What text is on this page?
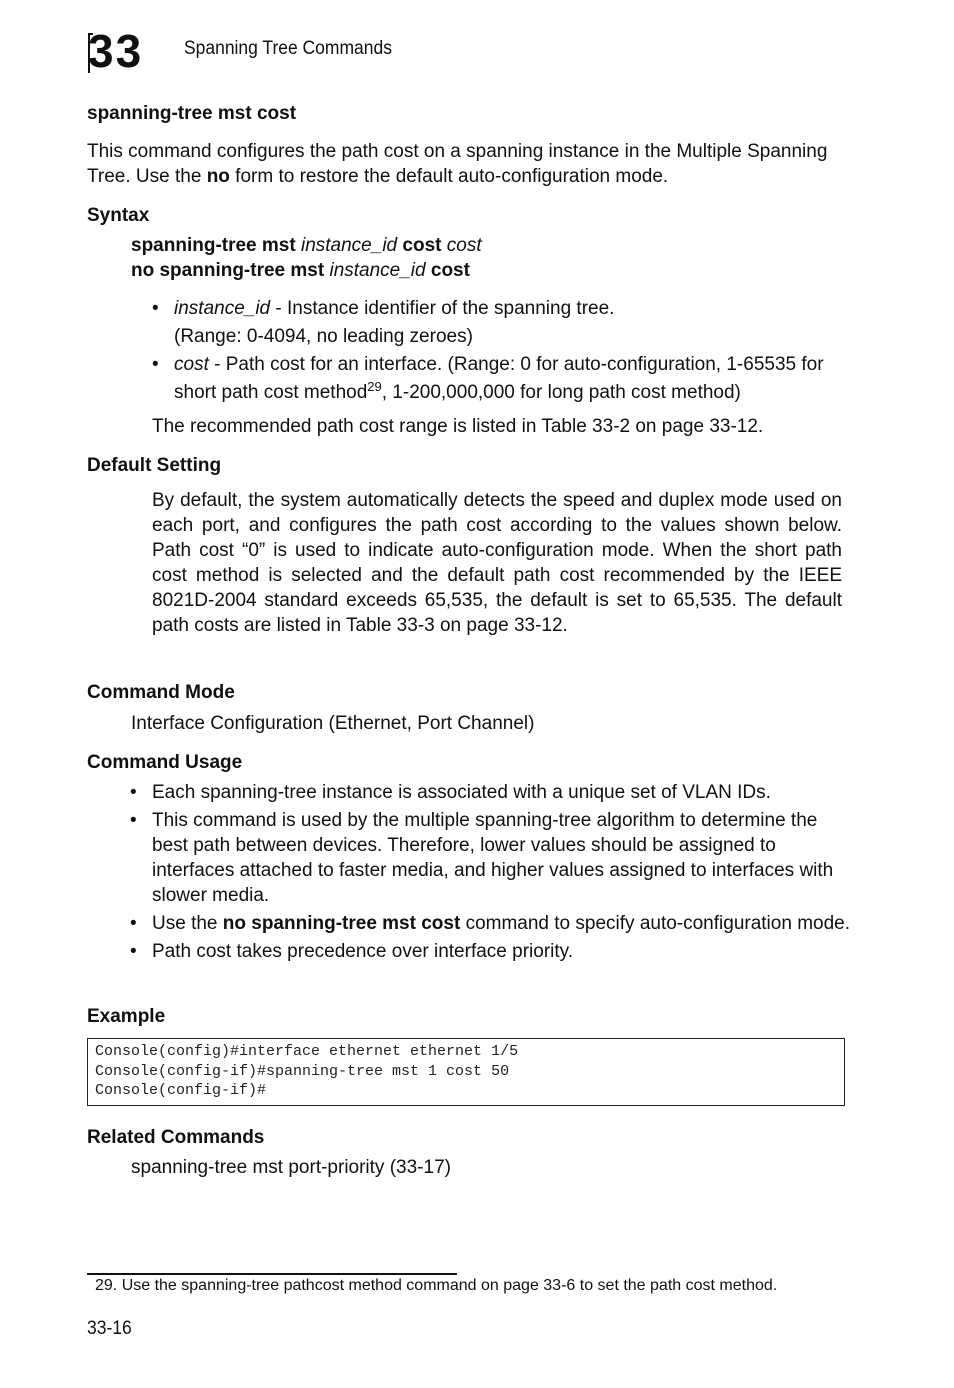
33	Spanning Tree Commands
spanning-tree mst cost
This command configures the path cost on a spanning instance in the Multiple Spanning Tree. Use the no form to restore the default auto-configuration mode.
Syntax
spanning-tree mst instance_id cost cost
no spanning-tree mst instance_id cost
• instance_id - Instance identifier of the spanning tree.
(Range: 0-4094, no leading zeroes)
• cost - Path cost for an interface. (Range: 0 for auto-configuration, 1-65535 for short path cost method$^{29}$, 1-200,000,000 for long path cost method)
The recommended path cost range is listed in Table 33-2 on page 33-12.
Default Setting
By default, the system automatically detects the speed and duplex mode used on each port, and configures the path cost according to the values shown below. Path cost “0” is used to indicate auto-configuration mode. When the short path cost method is selected and the default path cost recommended by the IEEE 8021D-2004 standard exceeds 65,535, the default is set to 65,535. The default path costs are listed in Table 33-3 on page 33-12.
Command Mode
Interface Configuration (Ethernet, Port Channel)
Command Usage
• Each spanning-tree instance is associated with a unique set of VLAN IDs.
• This command is used by the multiple spanning-tree algorithm to determine the best path between devices. Therefore, lower values should be assigned to interfaces attached to faster media, and higher values assigned to interfaces with slower media.
• Use the no spanning-tree mst cost command to specify auto-configuration mode.
• Path cost takes precedence over interface priority.
Example
Console(config)#interface ethernet ethernet 1/5
Console(config-if)#spanning-tree mst 1 cost 50
Console(config-if)#
Related Commands
spanning-tree mst port-priority (33-17)
29. Use the spanning-tree pathcost method command on page 33-6 to set the path cost method.
33-16
